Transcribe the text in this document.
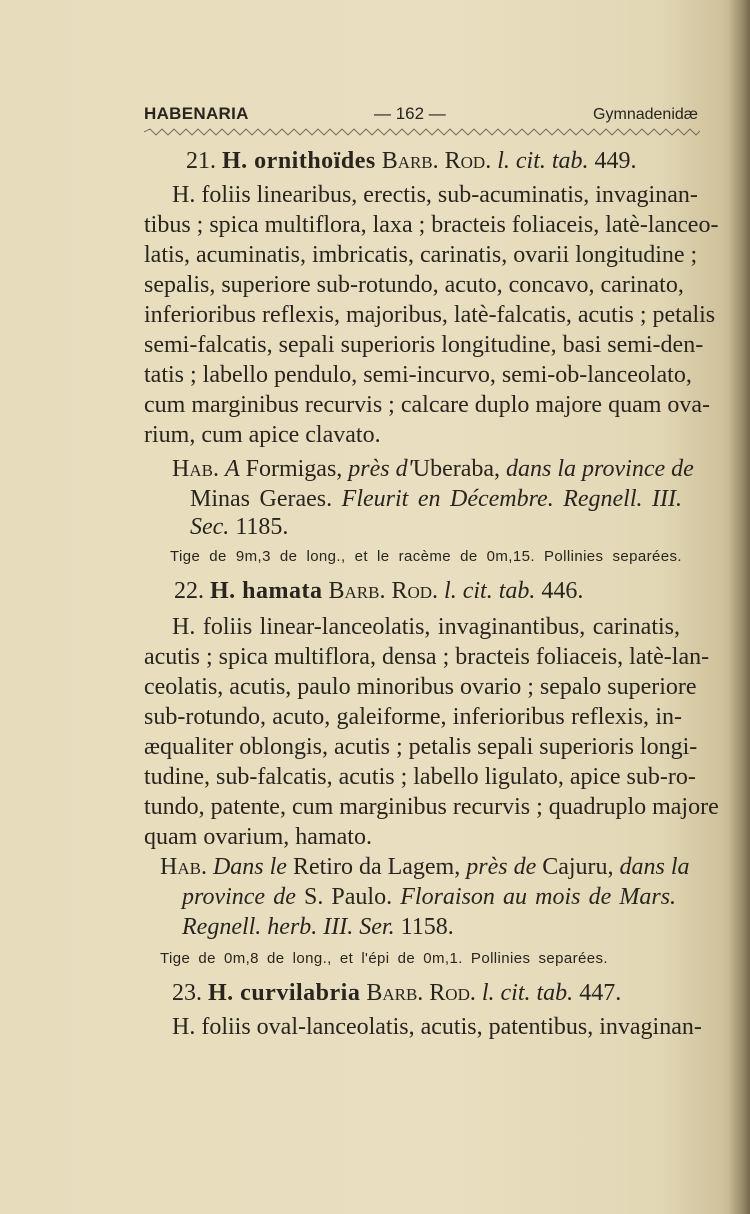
HABENARIA	— 162 —	Gymnadenidæ
21. H. ornithoïdes Barb. Rod. l. cit. tab. 449.
H. foliis linearibus, erectis, sub-acuminatis, invaginan-
tibus ; spica multiflora, laxa ; bracteis foliaceis, latè-lanceo-
latis, acuminatis, imbricatis, carinatis, ovarii longitudine ;
sepalis, superiore sub-rotundo, acuto, concavo, carinato,
inferioribus reflexis, majoribus, latè-falcatis, acutis ; petalis
semi-falcatis, sepali superioris longitudine, basi semi-den-
tatis ; labello pendulo, semi-incurvo, semi-ob-lanceolato,
cum marginibus recurvis ; calcare duplo majore quam ova-
rium, cum apice clavato.
Hab. A Formigas, près d'Uberaba, dans la province de
Minas Geraes. Fleurit en Décembre. Regnell. III.
Sec. 1185.
Tige de 9m,3 de long., et le racème de 0m,15. Pollinies separées.
22. H. hamata Barb. Rod. l. cit. tab. 446.
H. foliis linear-lanceolatis, invaginantibus, carinatis,
acutis ; spica multiflora, densa ; bracteis foliaceis, latè-lan-
ceolatis, acutis, paulo minoribus ovario ; sepalo superiore
sub-rotundo, acuto, galeiforme, inferioribus reflexis, in-
æqualiter oblongis, acutis ; petalis sepali superioris longi-
tudine, sub-falcatis, acutis ; labello ligulato, apice sub-ro-
tundo, patente, cum marginibus recurvis ; quadruplo majore
quam ovarium, hamato.
Hab. Dans le Retiro da Lagem, près de Cajuru, dans la
province de S. Paulo. Floraison au mois de Mars.
Regnell. herb. III. Ser. 1158.
Tige de 0m,8 de long., et l'épi de 0m,1. Pollinies separées.
23. H. curvilabria Barb. Rod. l. cit. tab. 447.
H. foliis oval-lanceolatis, acutis, patentibus, invaginan-
